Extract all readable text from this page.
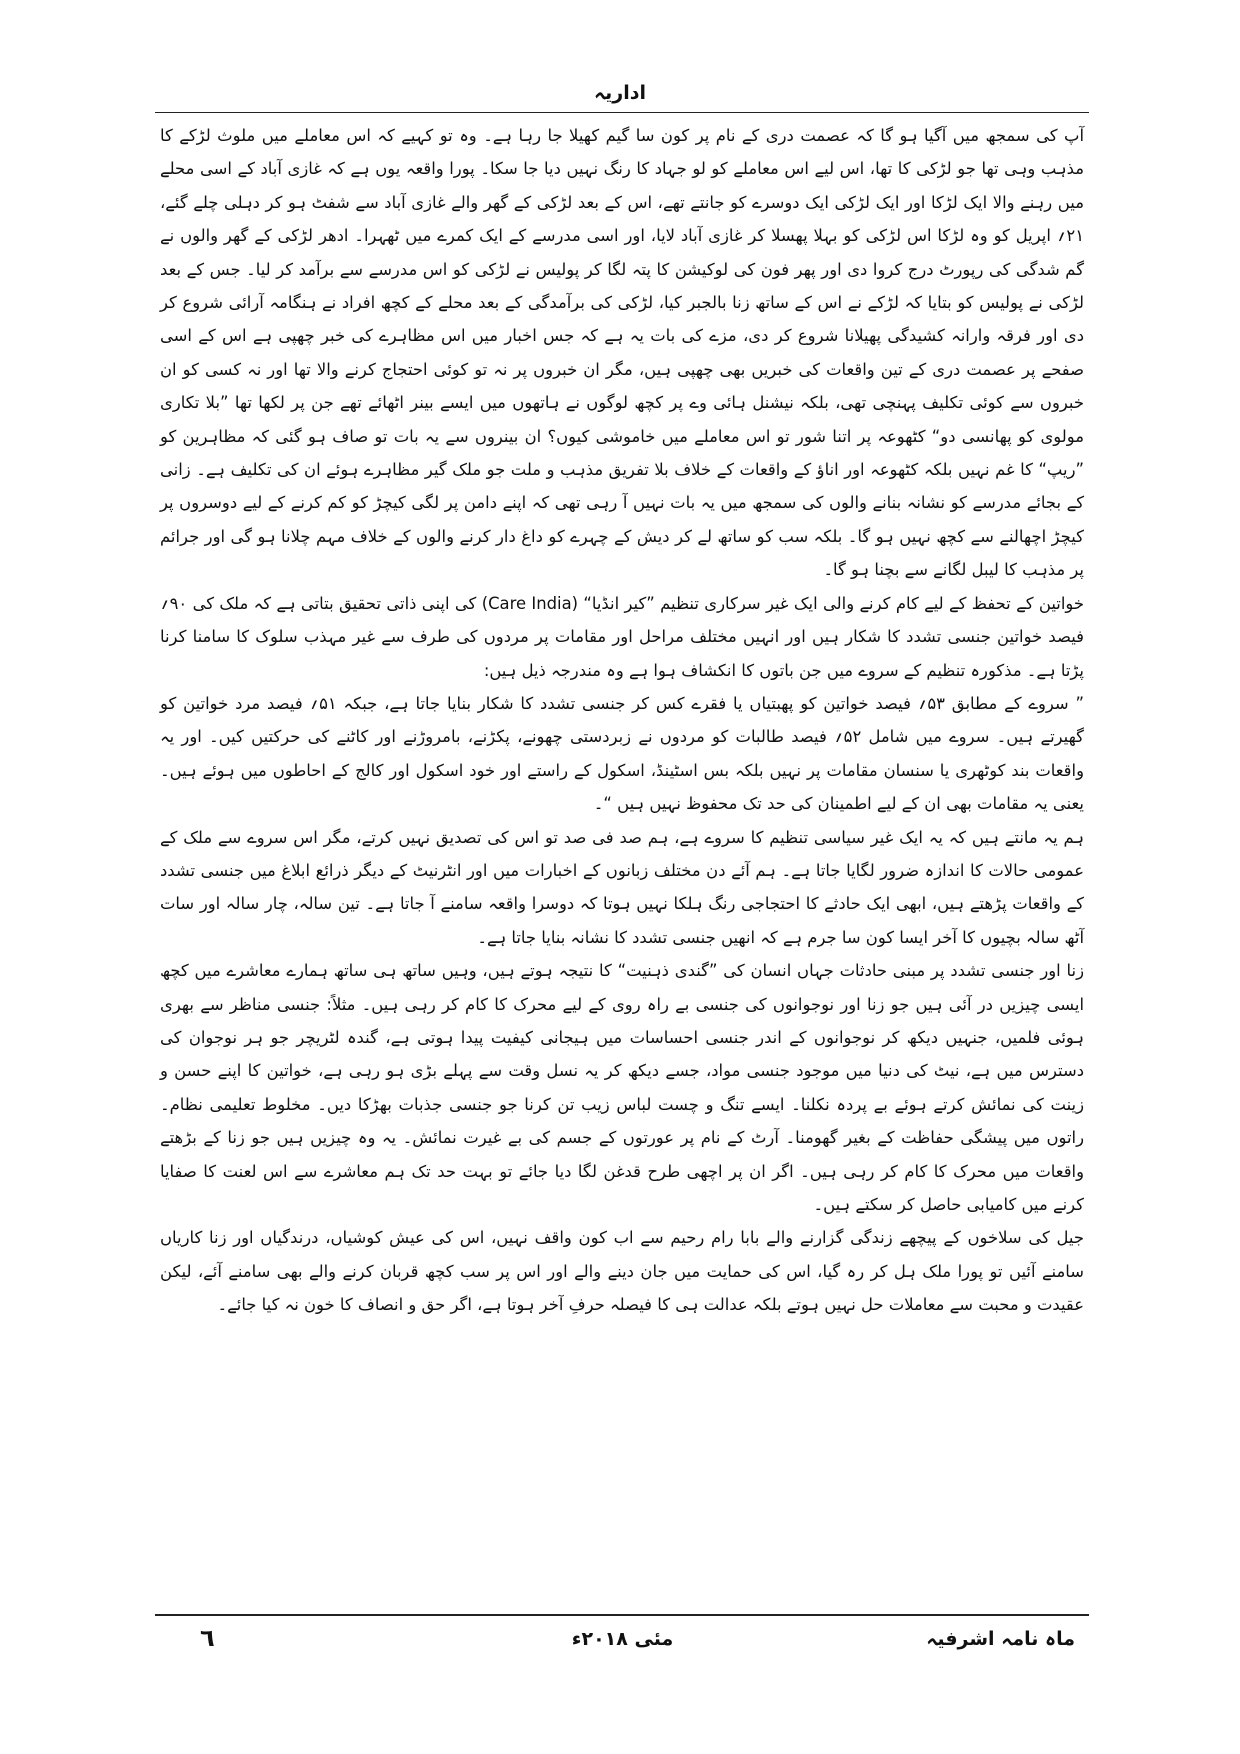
اداریہ

آپ کی سمجھ میں آگیا ہو گا کہ عصمت دری کے نام پر کون سا گیم کھیلا جا رہا ہے۔ وہ تو کہیے کہ اس معاملے میں ملوث لڑکے کا مذہب وہی تھا جو لڑکی کا تھا، اس لیے اس معاملے کو لو جہاد کا رنگ نہیں دیا جا سکا۔ پورا واقعہ یوں ہے کہ غازی آباد کے اسی محلے میں رہنے والا ایک لڑکا اور ایک لڑکی ایک دوسرے کو جانتے تھے، اس کے بعد لڑکی کے گھر والے غازی آباد سے شفٹ ہو کر دہلی چلے گئے، ۲۱؍ اپریل کو وہ لڑکا اس لڑکی کو بہلا پھسلا کر غازی آباد لایا، اور اسی مدرسے کے ایک کمرے میں ٹھہرا۔ ادھر لڑکی کے گھر والوں نے گم شدگی کی رپورٹ درج کروا دی اور پھر فون کی لوکیشن کا پتہ لگا کر پولیس نے لڑکی کو اس مدرسے سے برآمد کر لیا۔ جس کے بعد لڑکی نے پولیس کو بتایا کہ لڑکے نے اس کے ساتھ زنا بالجبر کیا، لڑکی کی برآمدگی کے بعد محلے کے کچھ افراد نے ہنگامہ آرائی شروع کر دی اور فرقہ وارانہ کشیدگی پھیلانا شروع کر دی، مزے کی بات یہ ہے کہ جس اخبار میں اس مظاہرے کی خبر چھپی ہے اس کے اسی صفحے پر عصمت دری کے تین واقعات کی خبریں بھی چھپی ہیں، مگر ان خبروں پر نہ تو کوئی احتجاج کرنے والا تھا اور نہ کسی کو ان خبروں سے کوئی تکلیف پہنچی تھی، بلکہ نیشنل ہائی وے پر کچھ لوگوں نے ہاتھوں میں ایسے بینر اٹھائے تھے جن پر لکھا تھا ”بلا تکاری مولوی کو پھانسی دو“ کٹھوعہ پر اتنا شور تو اس معاملے میں خاموشی کیوں؟ ان بینروں سے یہ بات تو صاف ہو گئی کہ مظاہرین کو ”ریپ“ کا غم نہیں بلکہ کٹھوعہ اور اناؤ کے واقعات کے خلاف بلا تفریق مذہب و ملت جو ملک گیر مظاہرے ہوئے ان کی تکلیف ہے۔ زانی کے بجائے مدرسے کو نشانہ بنانے والوں کی سمجھ میں یہ بات نہیں آ رہی تھی کہ اپنے دامن پر لگی کیچڑ کو کم کرنے کے لیے دوسروں پر کیچڑ اچھالنے سے کچھ نہیں ہو گا۔ بلکہ سب کو ساتھ لے کر دیش کے چہرے کو داغ دار کرنے والوں کے خلاف مہم چلانا ہو گی اور جرائم پر مذہب کا لیبل لگانے سے بچنا ہو گا۔

خواتین کے تحفظ کے لیے کام کرنے والی ایک غیر سرکاری تنظیم ”کیر انڈیا“ (Care India) کی اپنی ذاتی تحقیق بتاتی ہے کہ ملک کی ۹۰؍ فیصد خواتین جنسی تشدد کا شکار ہیں اور انہیں مختلف مراحل اور مقامات پر مردوں کی طرف سے غیر مہذب سلوک کا سامنا کرنا پڑتا ہے۔ مذکورہ تنظیم کے سروے میں جن باتوں کا انکشاف ہوا ہے وہ مندرجہ ذیل ہیں:

” سروے کے مطابق ۵۳؍ فیصد خواتین کو پھبتیاں یا فقرے کس کر جنسی تشدد کا شکار بنایا جاتا ہے، جبکہ ۵۱؍ فیصد مرد خواتین کو گھیرتے ہیں۔ سروے میں شامل ۵۲؍ فیصد طالبات کو مردوں نے زبردستی چھونے، پکڑنے، بامروڑنے اور کاٹنے کی حرکتیں کیں۔ اور یہ واقعات بند کوٹھری یا سنسان مقامات پر نہیں بلکہ بس اسٹینڈ، اسکول کے راستے اور خود اسکول اور کالج کے احاطوں میں ہوئے ہیں۔ یعنی یہ مقامات بھی ان کے لیے اطمینان کی حد تک محفوظ نہیں ہیں “۔

ہم یہ مانتے ہیں کہ یہ ایک غیر سیاسی تنظیم کا سروے ہے، ہم صد فی صد تو اس کی تصدیق نہیں کرتے، مگر اس سروے سے ملک کے عمومی حالات کا اندازہ ضرور لگایا جاتا ہے۔ ہم آئے دن مختلف زبانوں کے اخبارات میں اور انٹرنیٹ کے دیگر ذرائع ابلاغ میں جنسی تشدد کے واقعات پڑھتے ہیں، ابھی ایک حادثے کا احتجاجی رنگ ہلکا نہیں ہوتا کہ دوسرا واقعہ سامنے آ جاتا ہے۔ تین سالہ، چار سالہ اور سات آٹھ سالہ بچیوں کا آخر ایسا کون سا جرم ہے کہ انھیں جنسی تشدد کا نشانہ بنایا جاتا ہے۔

زنا اور جنسی تشدد پر مبنی حادثات جہاں انسان کی ”گندی ذہنیت“ کا نتیجہ ہوتے ہیں، وہیں ساتھ ہی ساتھ ہمارے معاشرے میں کچھ ایسی چیزیں در آئی ہیں جو زنا اور نوجوانوں کی جنسی بے راہ روی کے لیے محرک کا کام کر رہی ہیں۔ مثلاً: جنسی مناظر سے بھری ہوئی فلمیں، جنہیں دیکھ کر نوجوانوں کے اندر جنسی احساسات میں ہیجانی کیفیت پیدا ہوتی ہے، گندہ لٹریچر جو ہر نوجوان کی دسترس میں ہے، نیٹ کی دنیا میں موجود جنسی مواد، جسے دیکھ کر یہ نسل وقت سے پہلے بڑی ہو رہی ہے، خواتین کا اپنے حسن و زینت کی نمائش کرتے ہوئے بے پردہ نکلنا۔ ایسے تنگ و چست لباس زیب تن کرنا جو جنسی جذبات بھڑکا دیں۔ مخلوط تعلیمی نظام۔ راتوں میں پیشگی حفاظت کے بغیر گھومنا۔ آرٹ کے نام پر عورتوں کے جسم کی بے غیرت نمائش۔ یہ وہ چیزیں ہیں جو زنا کے بڑھتے واقعات میں محرک کا کام کر رہی ہیں۔ اگر ان پر اچھی طرح قدغن لگا دیا جائے تو بہت حد تک ہم معاشرے سے اس لعنت کا صفایا کرنے میں کامیابی حاصل کر سکتے ہیں۔

جیل کی سلاخوں کے پیچھے زندگی گزارنے والے بابا رام رحیم سے اب کون واقف نہیں، اس کی عیش کوشیاں، درندگیاں اور زنا کاریاں سامنے آئیں تو پورا ملک ہل کر رہ گیا، اس کی حمایت میں جان دینے والے اور اس پر سب کچھ قربان کرنے والے بھی سامنے آئے، لیکن عقیدت و محبت سے معاملات حل نہیں ہوتے بلکہ عدالت ہی کا فیصلہ حرفِ آخر ہوتا ہے، اگر حق و انصاف کا خون نہ کیا جائے۔

ماہ نامہ اشرفیہ
مئی ۲۰۱۸ء
٦
